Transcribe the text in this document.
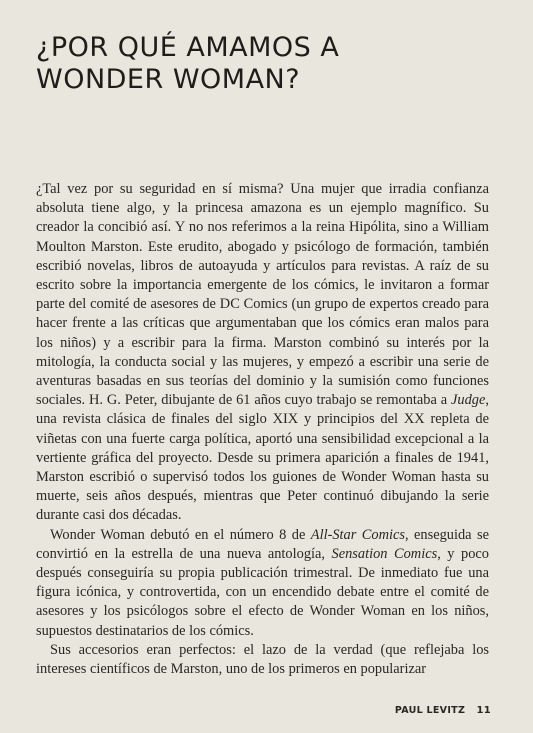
¿POR QUÉ AMAMOS A
WONDER WOMAN?

¿Tal vez por su seguridad en sí misma? Una mujer que irradia confianza absoluta tiene algo, y la princesa amazona es un ejemplo magnífico. Su creador la concibió así. Y no nos referimos a la reina Hipólita, sino a William Moulton Marston. Este erudito, abogado y psicólogo de formación, también escribió novelas, libros de autoayuda y artículos para revistas. A raíz de su escrito sobre la importancia emergente de los cómics, le invitaron a formar parte del comité de asesores de DC Comics (un grupo de expertos creado para hacer frente a las críticas que argumentaban que los cómics eran malos para los niños) y a escribir para la firma. Marston combinó su interés por la mitología, la conducta social y las mujeres, y empezó a escribir una serie de aventuras basadas en sus teorías del dominio y la sumisión como funciones sociales. H. G. Peter, dibujante de 61 años cuyo trabajo se remontaba a Judge, una revista clásica de finales del siglo XIX y principios del XX repleta de viñetas con una fuerte carga política, aportó una sensibilidad excepcional a la vertiente gráfica del proyecto. Desde su primera aparición a finales de 1941, Marston escribió o supervisó todos los guiones de Wonder Woman hasta su muerte, seis años después, mientras que Peter continuó dibujando la serie durante casi dos décadas.

Wonder Woman debutó en el número 8 de All-Star Comics, enseguida se convirtió en la estrella de una nueva antología, Sensation Comics, y poco después conseguiría su propia publicación trimestral. De inmediato fue una figura icónica, y controvertida, con un encendido debate entre el comité de asesores y los psicólogos sobre el efecto de Wonder Woman en los niños, supuestos destinatarios de los cómics.

Sus accesorios eran perfectos: el lazo de la verdad (que reflejaba los intereses científicos de Marston, uno de los primeros en popularizar

PAUL LEVITZ 11
